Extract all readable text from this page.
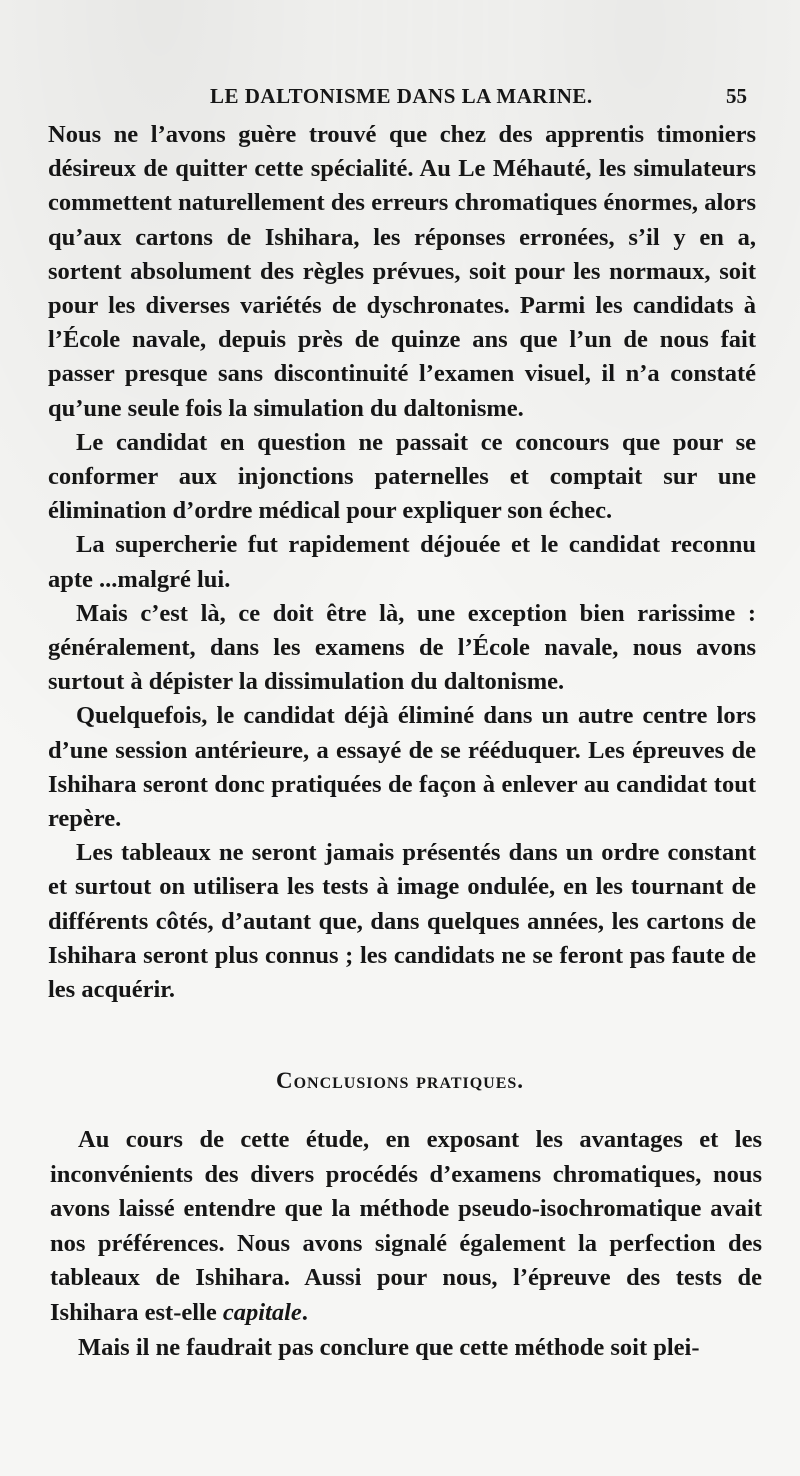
LE DALTONISME DANS LA MARINE.	55

Nous ne l’avons guère trouvé que chez des apprentis timoniers désireux de quitter cette spécialité. Au Le Méhauté, les simulateurs commettent naturellement des erreurs chromatiques énormes, alors qu’aux cartons de Ishihara, les réponses erronées, s’il y en a, sortent absolument des règles prévues, soit pour les normaux, soit pour les diverses variétés de dyschronates. Parmi les candidats à l’École navale, depuis près de quinze ans que l’un de nous fait passer presque sans discontinuité l’examen visuel, il n’a constaté qu’une seule fois la simulation du daltonisme.

Le candidat en question ne passait ce concours que pour se conformer aux injonctions paternelles et comptait sur une élimination d’ordre médical pour expliquer son échec.

La supercherie fut rapidement déjouée et le candidat reconnu apte ...malgré lui.

Mais c’est là, ce doit être là, une exception bien rarissime : généralement, dans les examens de l’École navale, nous avons surtout à dépister la dissimulation du daltonisme.

Quelquefois, le candidat déjà éliminé dans un autre centre lors d’une session antérieure, a essayé de se rééduquer. Les épreuves de Ishihara seront donc pratiquées de façon à enlever au candidat tout repère.

Les tableaux ne seront jamais présentés dans un ordre constant et surtout on utilisera les tests à image ondulée, en les tournant de différents côtés, d’autant que, dans quelques années, les cartons de Ishihara seront plus connus ; les candidats ne se feront pas faute de les acquérir.

Conclusions pratiques.

Au cours de cette étude, en exposant les avantages et les inconvénients des divers procédés d’examens chromatiques, nous avons laissé entendre que la méthode pseudo-isochromatique avait nos préférences. Nous avons signalé également la perfection des tableaux de Ishihara. Aussi pour nous, l’épreuve des tests de Ishihara est-elle capitale.

Mais il ne faudrait pas conclure que cette méthode soit plei-
